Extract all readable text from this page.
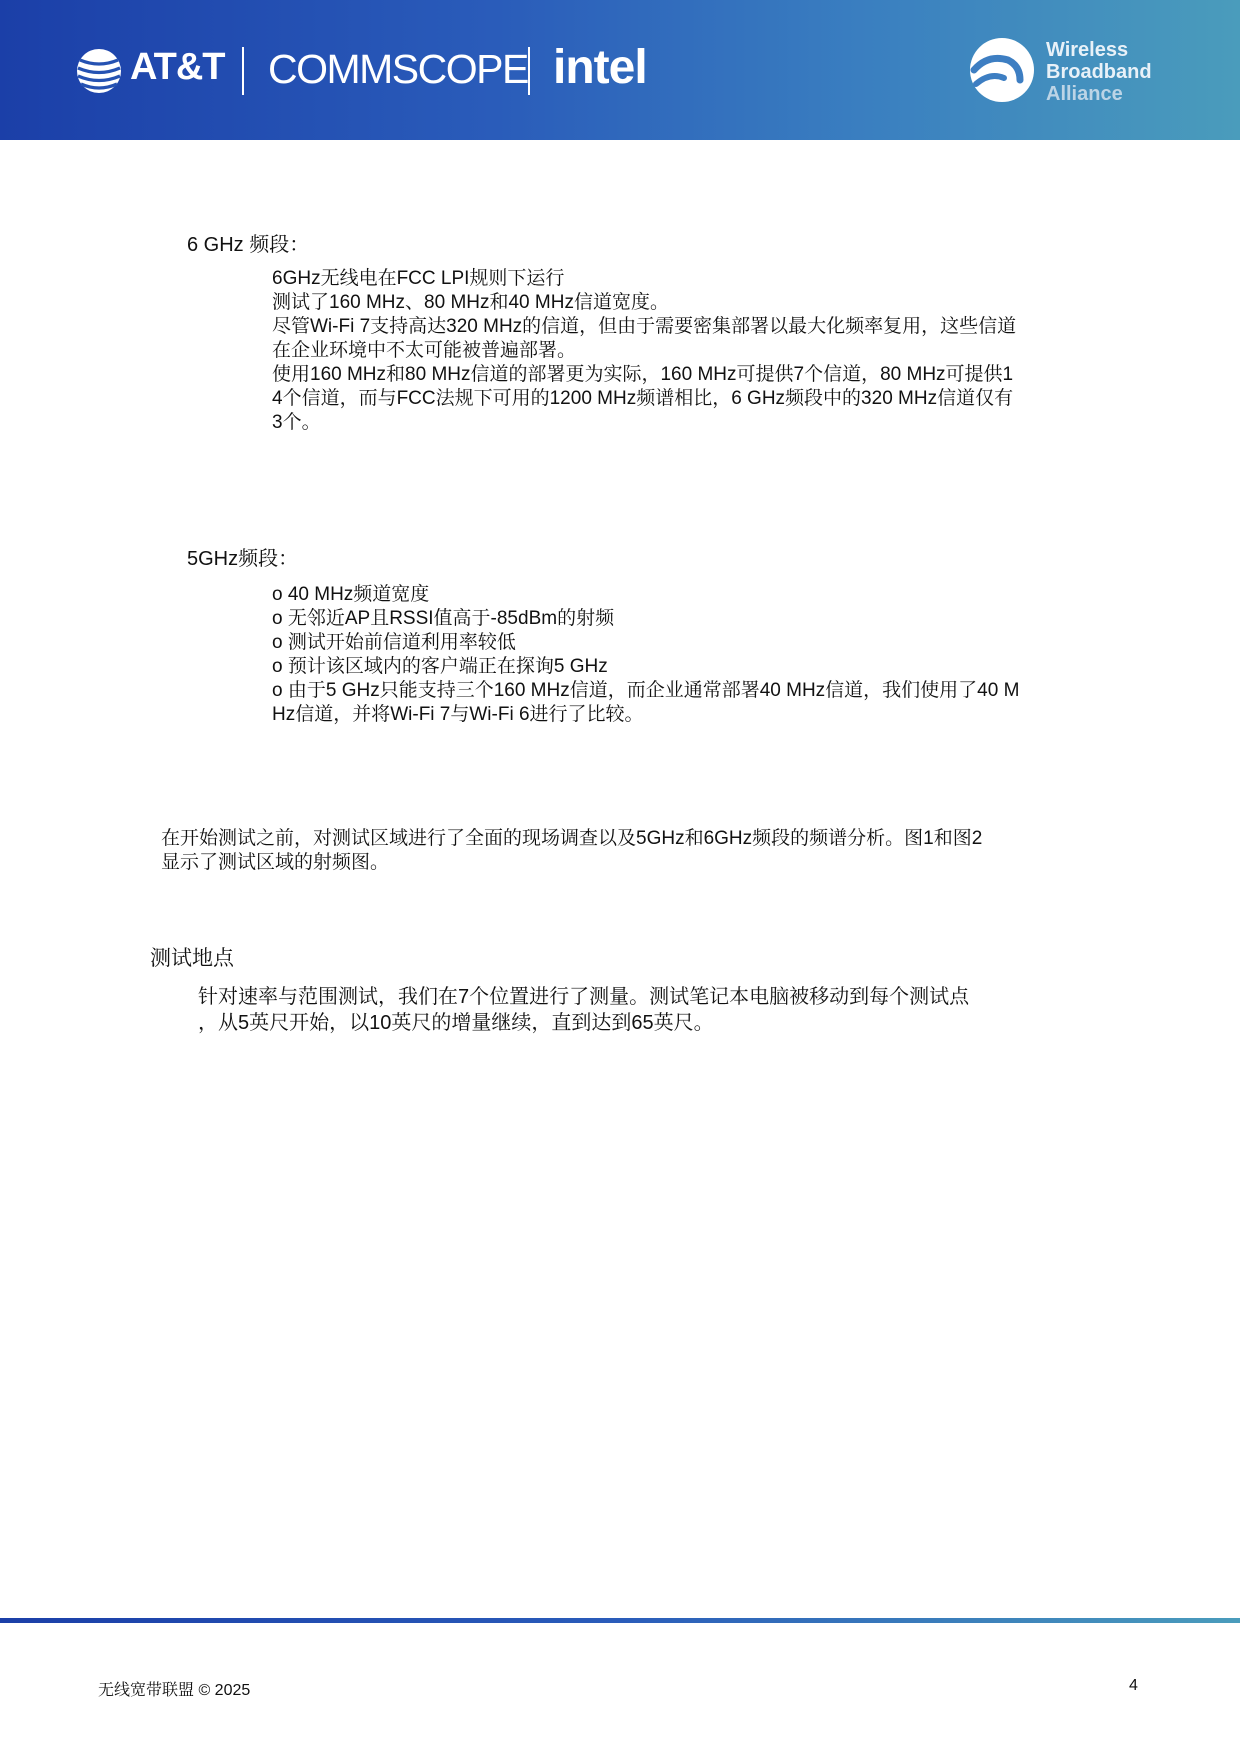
AT&T COMMSCOPE intel	Wireless
Broadband
Alliance

6 GHz 频段：

6GHz无线电在FCC LPI规则下运行

测试了160 MHz、80 MHz和40 MHz信道宽度。

尽管Wi-Fi 7支持高达320 MHz的信道，但由于需要密集部署以最大化频率复用，这些信道

在企业环境中不太可能被普遍部署。

使用160 MHz和80 MHz信道的部署更为实际，160 MHz可提供7个信道，80 MHz可提供1

4个信道，而与FCC法规下可用的1200 MHz频谱相比，6 GHz频段中的320 MHz信道仅有

3个。

5GHz频段：

o 40 MHz频道宽度

o 无邻近AP且RSSI值高于-85dBm的射频

o 测试开始前信道利用率较低

o 预计该区域内的客户端正在探询5 GHz

o 由于5 GHz只能支持三个160 MHz信道，而企业通常部署40 MHz信道，我们使用了40 M

Hz信道，并将Wi-Fi 7与Wi-Fi 6进行了比较。

在开始测试之前，对测试区域进行了全面的现场调查以及5GHz和6GHz频段的频谱分析。图1和图2

显示了测试区域的射频图。

测试地点

针对速率与范围测试，我们在7个位置进行了测量。测试笔记本电脑被移动到每个测试点

，从5英尺开始，以10英尺的增量继续，直到达到65英尺。

无线宽带联盟 © 2025	4
